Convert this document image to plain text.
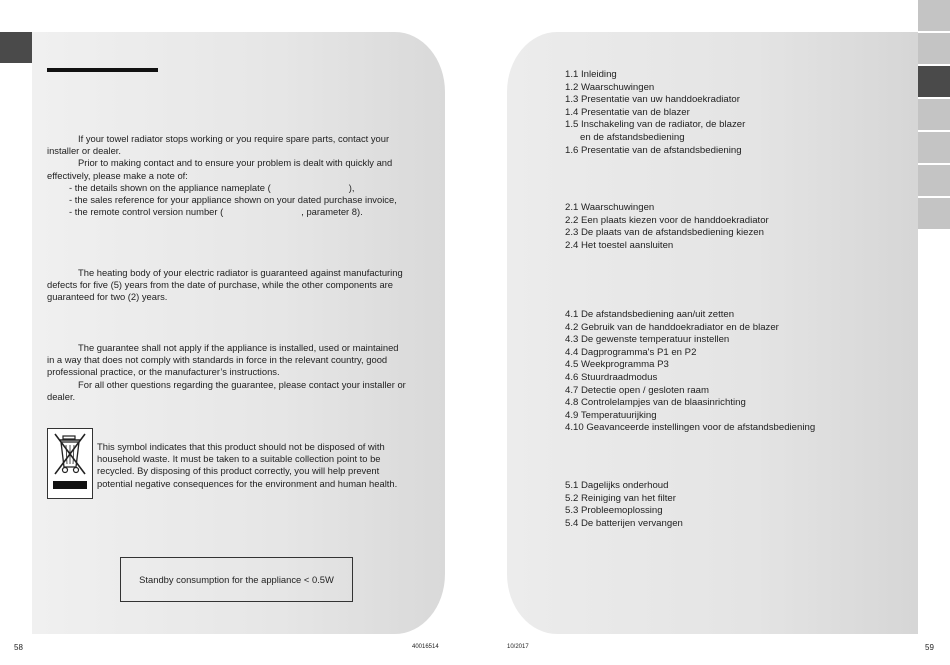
If your towel radiator stops working or you require spare parts, contact your
installer or dealer.
Prior to making contact and to ensure your problem is dealt with quickly and
effectively, please make a note of:
- the details shown on the appliance nameplate (	),
- the sales reference for your appliance shown on your dated purchase invoice,
- the remote control version number (	, parameter 8).
The heating body of your electric radiator is guaranteed against manufacturing
defects for five (5) years from the date of purchase, while the other components are
guaranteed for two (2) years.
The guarantee shall not apply if the appliance is installed, used or maintained
in a way that does not comply with standards in force in the relevant country, good
professional practice, or the manufacturer’s instructions.
For all other questions regarding the guarantee, please contact your installer or
dealer.
This symbol indicates that this product should not be disposed of with
household waste. It must be taken to a suitable collection point to be
recycled. By disposing of this product correctly, you will help prevent
potential negative consequences for the environment and human health.
Standby consumption for the appliance < 0.5W
1.1 Inleiding
1.2 Waarschuwingen
1.3 Presentatie van uw handdoekradiator
1.4 Presentatie van de blazer
1.5 Inschakeling van de radiator, de blazer
en de afstandsbediening
1.6 Presentatie van de afstandsbediening
2.1 Waarschuwingen
2.2 Een plaats kiezen voor de handdoekradiator
2.3 De plaats van de afstandsbediening kiezen
2.4 Het toestel aansluiten
4.1 De afstandsbediening aan/uit zetten
4.2 Gebruik van de handdoekradiator en de blazer
4.3 De gewenste temperatuur instellen
4.4 Dagprogramma's P1 en P2
4.5 Weekprogramma P3
4.6 Stuurdraadmodus
4.7 Detectie open / gesloten raam
4.8 Controlelampjes van de blaasinrichting
4.9 Temperatuurijking
4.10 Geavanceerde instellingen voor de afstandsbediening
5.1 Dagelijks onderhoud
5.2 Reiniging van het filter
5.3 Probleemoplossing
5.4 De batterijen vervangen
58	40016514	10/2017	59
